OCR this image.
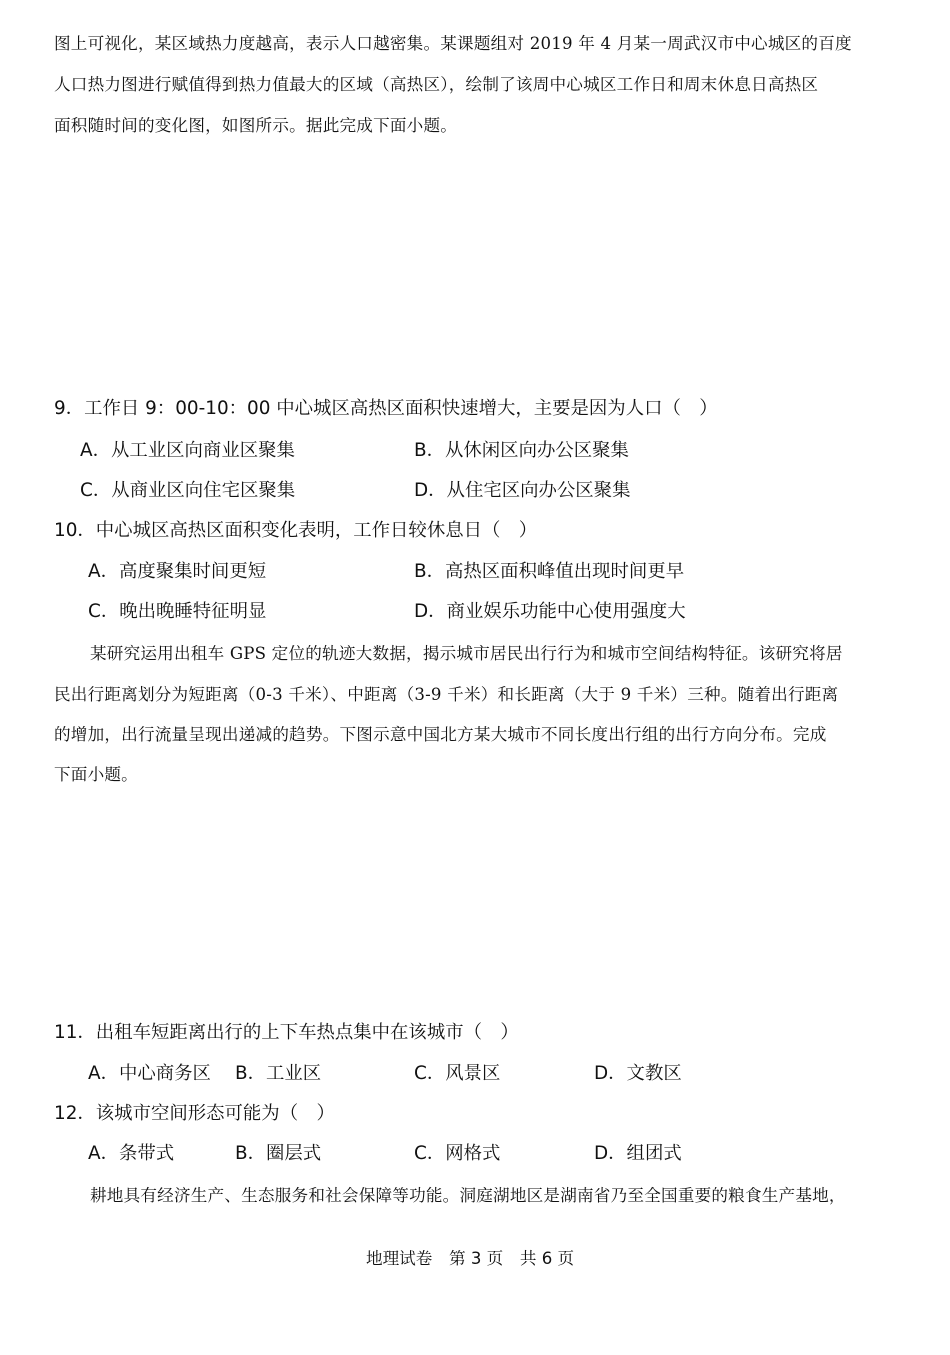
图上可视化，某区域热力度越高，表示人口越密集。某课题组对 2019 年 4 月某一周武汉市中心城区的百度
人口热力图进行赋值得到热力值最大的区域（高热区），绘制了该周中心城区工作日和周末休息日高热区
面积随时间的变化图，如图所示。据此完成下面小题。
9．工作日 9：00-10：00 中心城区高热区面积快速增大，主要是因为人口（　）
A．从工业区向商业区聚集	B．从休闲区向办公区聚集
C．从商业区向住宅区聚集	D．从住宅区向办公区聚集
10．中心城区高热区面积变化表明，工作日较休息日（　）
A．高度聚集时间更短	B．高热区面积峰值出现时间更早
C．晚出晚睡特征明显	D．商业娱乐功能中心使用强度大
某研究运用出租车 GPS 定位的轨迹大数据，揭示城市居民出行行为和城市空间结构特征。该研究将居
民出行距离划分为短距离（0-3 千米）、中距离（3-9 千米）和长距离（大于 9 千米）三种。随着出行距离
的增加，出行流量呈现出递减的趋势。下图示意中国北方某大城市不同长度出行组的出行方向分布。完成
下面小题。
11．出租车短距离出行的上下车热点集中在该城市（　）
A．中心商务区 B．工业区	C．风景区	D．文教区
12．该城市空间形态可能为（　）
A．条带式	B．圈层式	C．网格式	D．组团式
耕地具有经济生产、生态服务和社会保障等功能。洞庭湖地区是湖南省乃至全国重要的粮食生产基地，
地理试卷　第 3 页　共 6 页
